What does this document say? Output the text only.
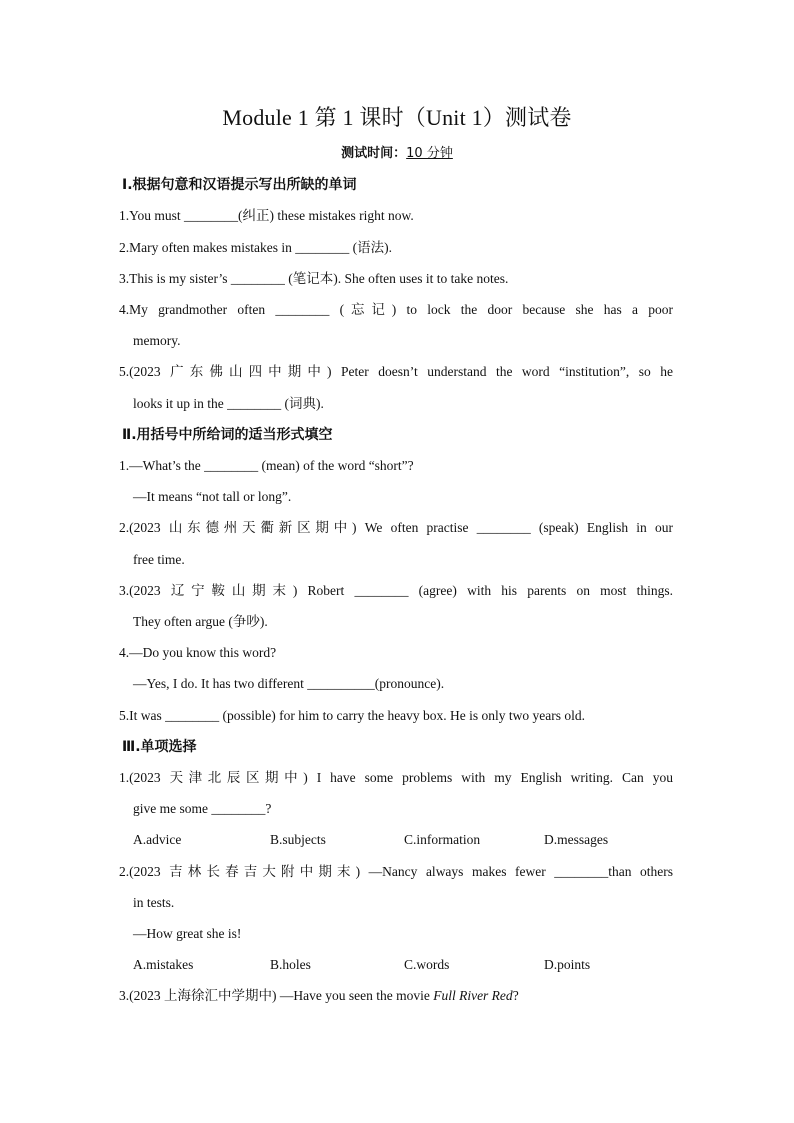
Module 1 第 1 课时（Unit 1）测试卷
测试时间：10 分钟
Ⅰ.根据句意和汉语提示写出所缺的单词
1.You must ________(纠正) these mistakes right now.
2.Mary often makes mistakes in ________ (语法).
3.This is my sister’s ________ (笔记本). She often uses it to take notes.
4.My grandmother often ________ (忘记) to lock the door because she has a poor
memory.
5.(2023 广东佛山四中期中) Peter doesn’t understand the word “institution”, so he
looks it up in the ________ (词典).
Ⅱ.用括号中所给词的适当形式填空
1.—What’s the ________ (mean) of the word “short”?
—It means “not tall or long”.
2.(2023 山东德州天衢新区期中) We often practise ________ (speak) English in our
free time.
3.(2023 辽宁鞍山期末) Robert ________ (agree) with his parents on most things.
They often argue (争吵).
4.—Do you know this word?
—Yes, I do. It has two different __________(pronounce).
5.It was ________ (possible) for him to carry the heavy box. He is only two years old.
Ⅲ.单项选择
1.(2023 天津北辰区期中) I have some problems with my English writing. Can you
give me some ________?
A.advice	B.subjects	C.information	D.messages
2.(2023 吉林长春吉大附中期末) —Nancy always makes fewer ________than others
in tests.
—How great she is!
A.mistakes	B.holes	C.words	D.points
3.(2023 上海徐汇中学期中) —Have you seen the movie Full River Red?
